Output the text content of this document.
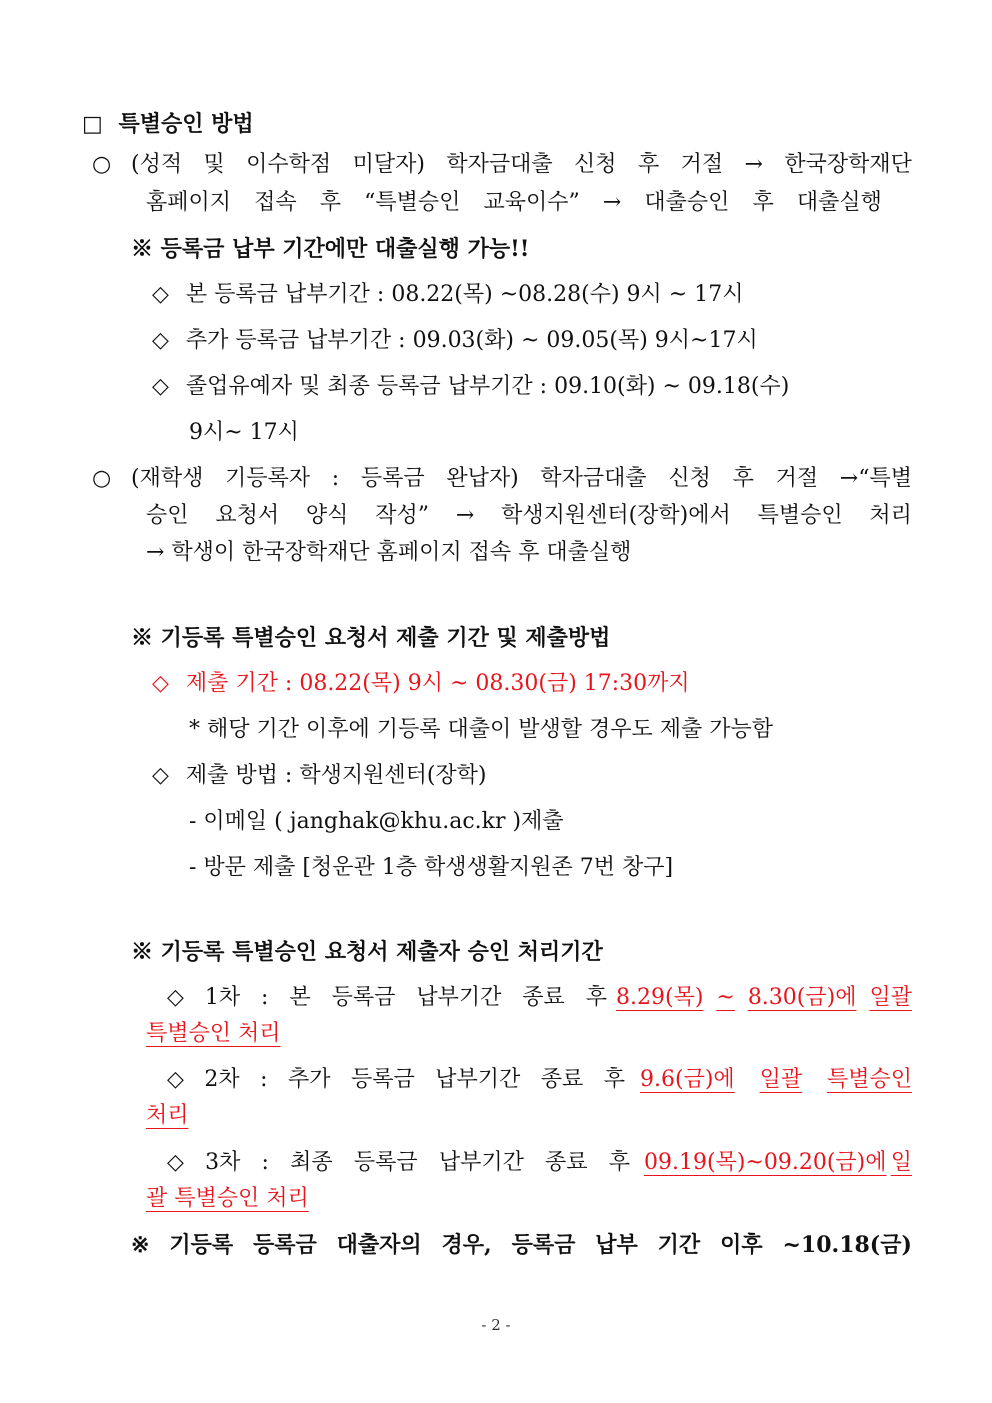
□ 특별승인 방법
○ (성적 및 이수학점 미달자) 학자금대출 신청 후 거절 → 한국장학재단
홈페이지 접속 후 “특별승인 교육이수” → 대출승인 후 대출실행
※ 등록금 납부 기간에만 대출실행 가능!!
◇ 본 등록금 납부기간 : 08.22(목) ~08.28(수) 9시 ~ 17시
◇ 추가 등록금 납부기간 : 09.03(화) ~ 09.05(목) 9시~17시
◇ 졸업유예자 및 최종 등록금 납부기간 : 09.10(화) ~ 09.18(수)
9시~ 17시
○ (재학생 기등록자 : 등록금 완납자) 학자금대출 신청 후 거절 →“특별
승인 요청서 양식 작성” → 학생지원센터(장학)에서 특별승인 처리
→ 학생이 한국장학재단 홈페이지 접속 후 대출실행
※ 기등록 특별승인 요청서 제출 기간 및 제출방법
◇ 제출 기간 : 08.22(목) 9시 ~ 08.30(금) 17:30까지
* 해당 기간 이후에 기등록 대출이 발생할 경우도 제출 가능함
◇ 제출 방법 : 학생지원센터(장학)
- 이메일 ( janghak@khu.ac.kr )제출
- 방문 제출 [청운관 1층 학생생활지원존 7번 창구]
※ 기등록 특별승인 요청서 제출자 승인 처리기간
◇ 1차 : 본 등록금 납부기간 종료 후 8.29(목) ~ 8.30(금)에 일괄
특별승인 처리
◇ 2차 : 추가 등록금 납부기간 종료 후 9.6(금)에 일괄 특별승인
처리
◇ 3차 : 최종 등록금 납부기간 종료 후 09.19(목)~09.20(금)에 일
괄 특별승인 처리
※ 기등록 등록금 대출자의 경우, 등록금 납부 기간 이후 ~10.18(금)
- 2 -
